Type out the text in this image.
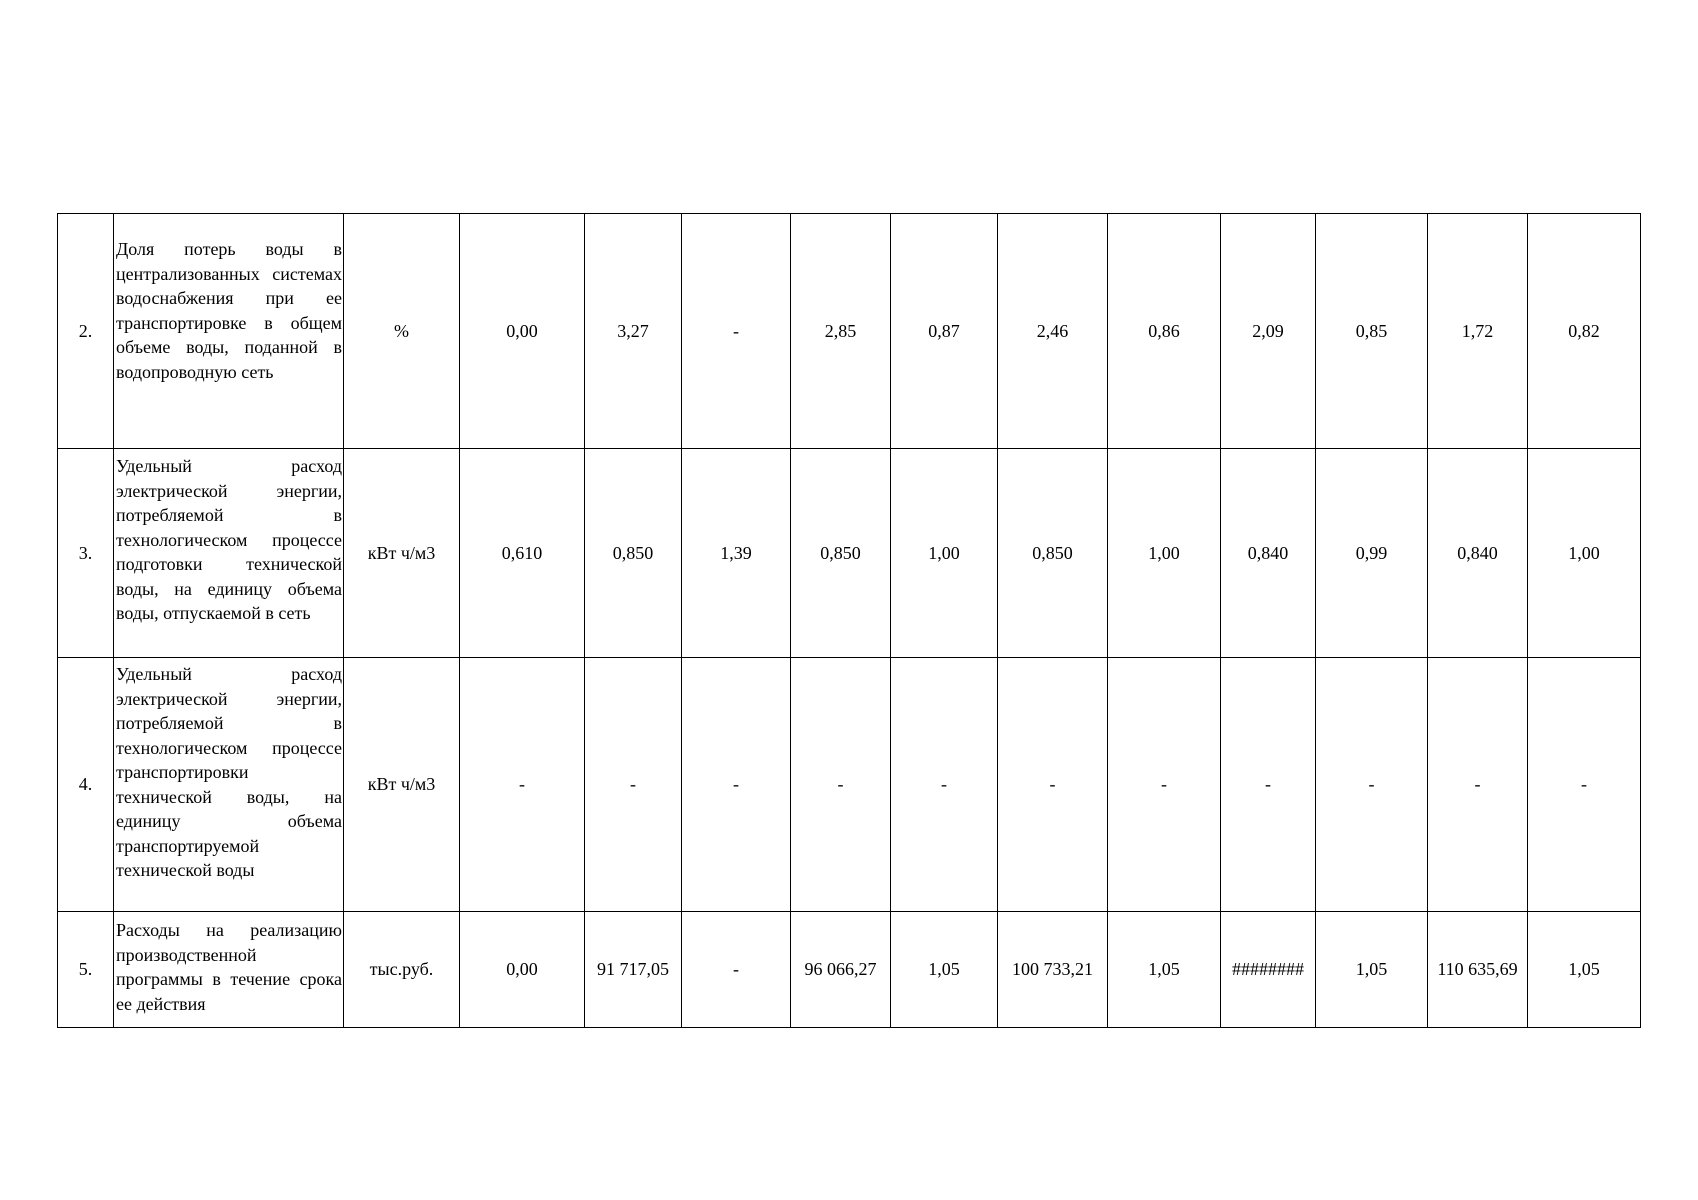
2.	Доля потерь воды в централизованных системах водоснабжения при ее транспортировке в общем объеме воды, поданной в водопроводную сеть	%	0,00	3,27	-	2,85	0,87	2,46	0,86	2,09	0,85	1,72	0,82
3.	Удельный расход электрической энергии, потребляемой в технологическом процессе подготовки технической воды, на единицу объема воды, отпускаемой в сеть	кВт ч/м3	0,610	0,850	1,39	0,850	1,00	0,850	1,00	0,840	0,99	0,840	1,00
4.	Удельный расход электрической энергии, потребляемой в технологическом процессе транспортировки технической воды, на единицу объема транспортируемой технической воды	кВт ч/м3	-	-	-	-	-	-	-	-	-	-	-
5.	Расходы на реализацию производственной программы в течение срока ее действия	тыс.руб.	0,00	91 717,05	-	96 066,27	1,05	100 733,21	1,05	########	1,05	110 635,69	1,05
